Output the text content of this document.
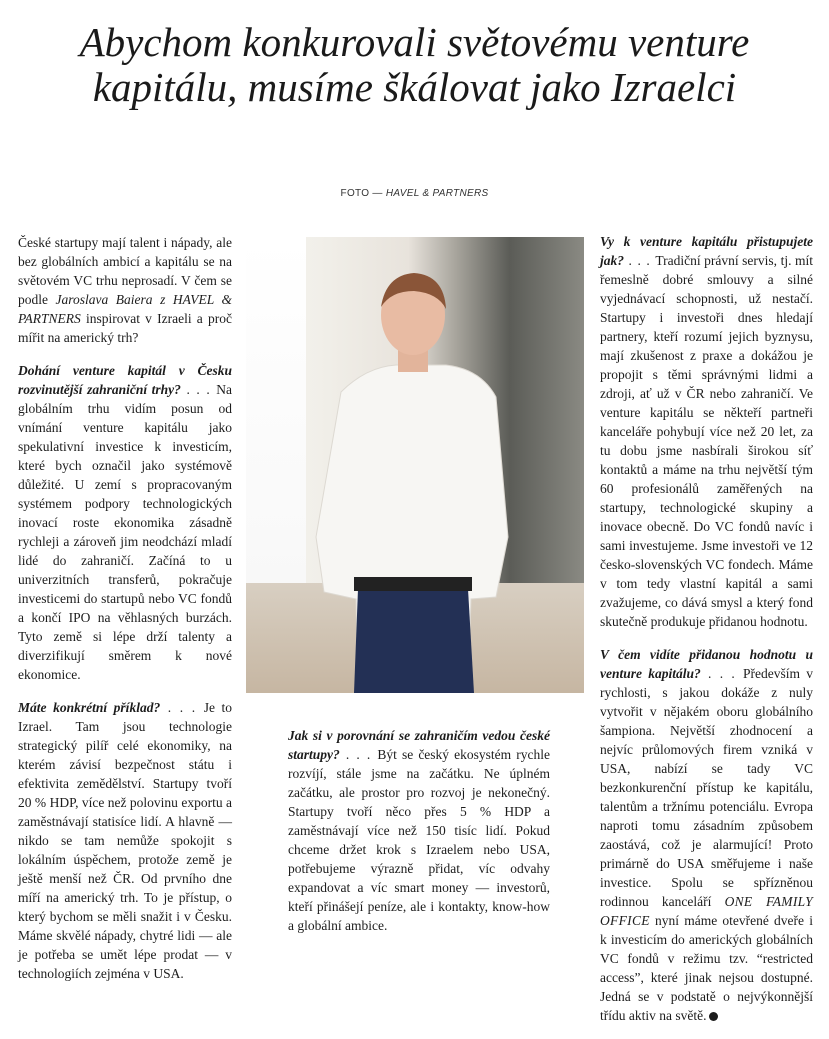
Abychom konkurovali světovému venture kapitálu, musíme škálovat jako Izraelci
FOTO — HAVEL & PARTNERS

České startupy mají talent i nápady, ale bez globálních ambicí a kapitálu se na světovém VC trhu neprosadí. V čem se podle Jaroslava Baiera z HAVEL & PARTNERS inspirovat v Izraeli a proč mířit na americký trh?

Dohání venture kapitál v Česku rozvinutější zahraniční trhy? . . . Na globálním trhu vidím posun od vnímání venture kapitálu jako spekulativní investice k investicím, které bych označil jako systémově důležité. U zemí s propracovaným systémem podpory technologických inovací roste ekonomika zásadně rychleji a zároveň jim neodchází mladí lidé do zahraničí. Začíná to u univerzitních transferů, pokračuje investicemi do startupů nebo VC fondů a končí IPO na věhlasných burzách. Tyto země si lépe drží talenty a diverzifikují směrem k nové ekonomice.

Máte konkrétní příklad? . . . Je to Izrael. Tam jsou technologie strategický pilíř celé ekonomiky, na kterém závisí bezpečnost státu i efektivita zemědělství. Startupy tvoří 20 % HDP, více než polovinu exportu a zaměstnávají statisíce lidí. A hlavně — nikdo se tam nemůže spokojit s lokálním úspěchem, protože země je ještě menší než ČR. Od prvního dne míří na americký trh. To je přístup, o který bychom se měli snažit i v Česku. Máme skvělé nápady, chytré lidi — ale je potřeba se umět lépe prodat — v technologiích zejména v USA.

Jak si v porovnání se zahraničím vedou české startupy? . . . Být se český ekosystém rychle rozvíjí, stále jsme na začátku. Ne úplném začátku, ale prostor pro rozvoj je nekonečný. Startupy tvoří něco přes 5 % HDP a zaměstnávají více než 150 tisíc lidí. Pokud chceme držet krok s Izraelem nebo USA, potřebujeme výrazně přidat, víc odvahy expandovat a víc smart money — investorů, kteří přinášejí peníze, ale i kontakty, know-how a globální ambice.

Vy k venture kapitálu přistupujete jak? . . . Tradiční právní servis, tj. mít řemeslně dobré smlouvy a silné vyjednávací schopnosti, už nestačí. Startupy i investoři dnes hledají partnery, kteří rozumí jejich byznysu, mají zkušenost z praxe a dokážou je propojit s těmi správnými lidmi a zdroji, ať už v ČR nebo zahraničí. Ve venture kapitálu se někteří partneři kanceláře pohybují více než 20 let, za tu dobu jsme nasbírali širokou síť kontaktů a máme na trhu největší tým 60 profesionálů zaměřených na startupy, technologické skupiny a inovace obecně. Do VC fondů navíc i sami investujeme. Jsme investoři ve 12 česko-slovenských VC fondech. Máme v tom tedy vlastní kapitál a sami zvažujeme, co dává smysl a který fond skutečně produkuje přidanou hodnotu.

V čem vidíte přidanou hodnotu u venture kapitálu? . . . Především v rychlosti, s jakou dokáže z nuly vytvořit v nějakém oboru globálního šampiona. Největší zhodnocení a nejvíc průlomových firem vzniká v USA, nabízí se tady VC bezkonkurenční přístup ke kapitálu, talentům a tržnímu potenciálu. Evropa naproti tomu zásadním způsobem zaostává, což je alarmující! Proto primárně do USA směřujeme i naše investice. Spolu se spřízněnou rodinnou kanceláří ONE FAMILY OFFICE nyní máme otevřené dveře i k investicím do amerických globálních VC fondů v režimu tzv. “restricted access”, které jinak nejsou dostupné. Jedná se v podstatě o nejvýkonnější třídu aktiv na světě.
